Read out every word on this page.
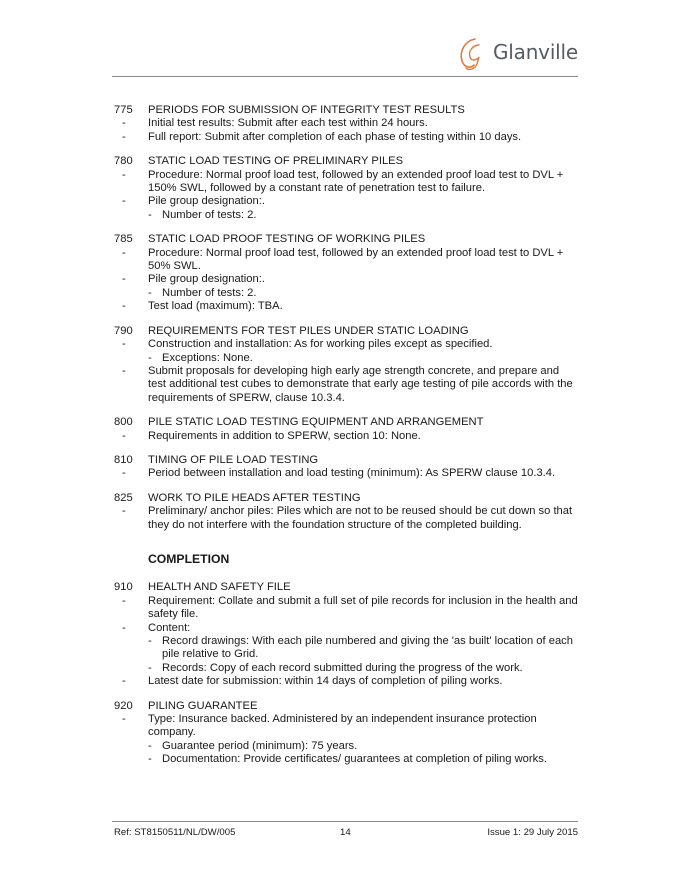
Glanville
775 PERIODS FOR SUBMISSION OF INTEGRITY TEST RESULTS
- Initial test results: Submit after each test within 24 hours.
- Full report: Submit after completion of each phase of testing within 10 days.
780 STATIC LOAD TESTING OF PRELIMINARY PILES
- Procedure: Normal proof load test, followed by an extended proof load test to DVL + 150% SWL, followed by a constant rate of penetration test to failure.
- Pile group designation:.
- Number of tests: 2.
785 STATIC LOAD PROOF TESTING OF WORKING PILES
- Procedure: Normal proof load test, followed by an extended proof load test to DVL + 50% SWL.
- Pile group designation:.
- Number of tests: 2.
- Test load (maximum): TBA.
790 REQUIREMENTS FOR TEST PILES UNDER STATIC LOADING
- Construction and installation: As for working piles except as specified.
- Exceptions: None.
- Submit proposals for developing high early age strength concrete, and prepare and test additional test cubes to demonstrate that early age testing of pile accords with the requirements of SPERW, clause 10.3.4.
800 PILE STATIC LOAD TESTING EQUIPMENT AND ARRANGEMENT
- Requirements in addition to SPERW, section 10: None.
810 TIMING OF PILE LOAD TESTING
- Period between installation and load testing (minimum): As SPERW clause 10.3.4.
825 WORK TO PILE HEADS AFTER TESTING
- Preliminary/ anchor piles: Piles which are not to be reused should be cut down so that they do not interfere with the foundation structure of the completed building.
COMPLETION
910 HEALTH AND SAFETY FILE
- Requirement: Collate and submit a full set of pile records for inclusion in the health and safety file.
- Content:
- Record drawings: With each pile numbered and giving the 'as built' location of each pile relative to Grid.
- Records: Copy of each record submitted during the progress of the work.
- Latest date for submission: within 14 days of completion of piling works.
920 PILING GUARANTEE
- Type: Insurance backed. Administered by an independent insurance protection company.
- Guarantee period (minimum): 75 years.
- Documentation: Provide certificates/ guarantees at completion of piling works.
Ref: ST8150511/NL/DW/005	14	Issue 1: 29 July 2015
